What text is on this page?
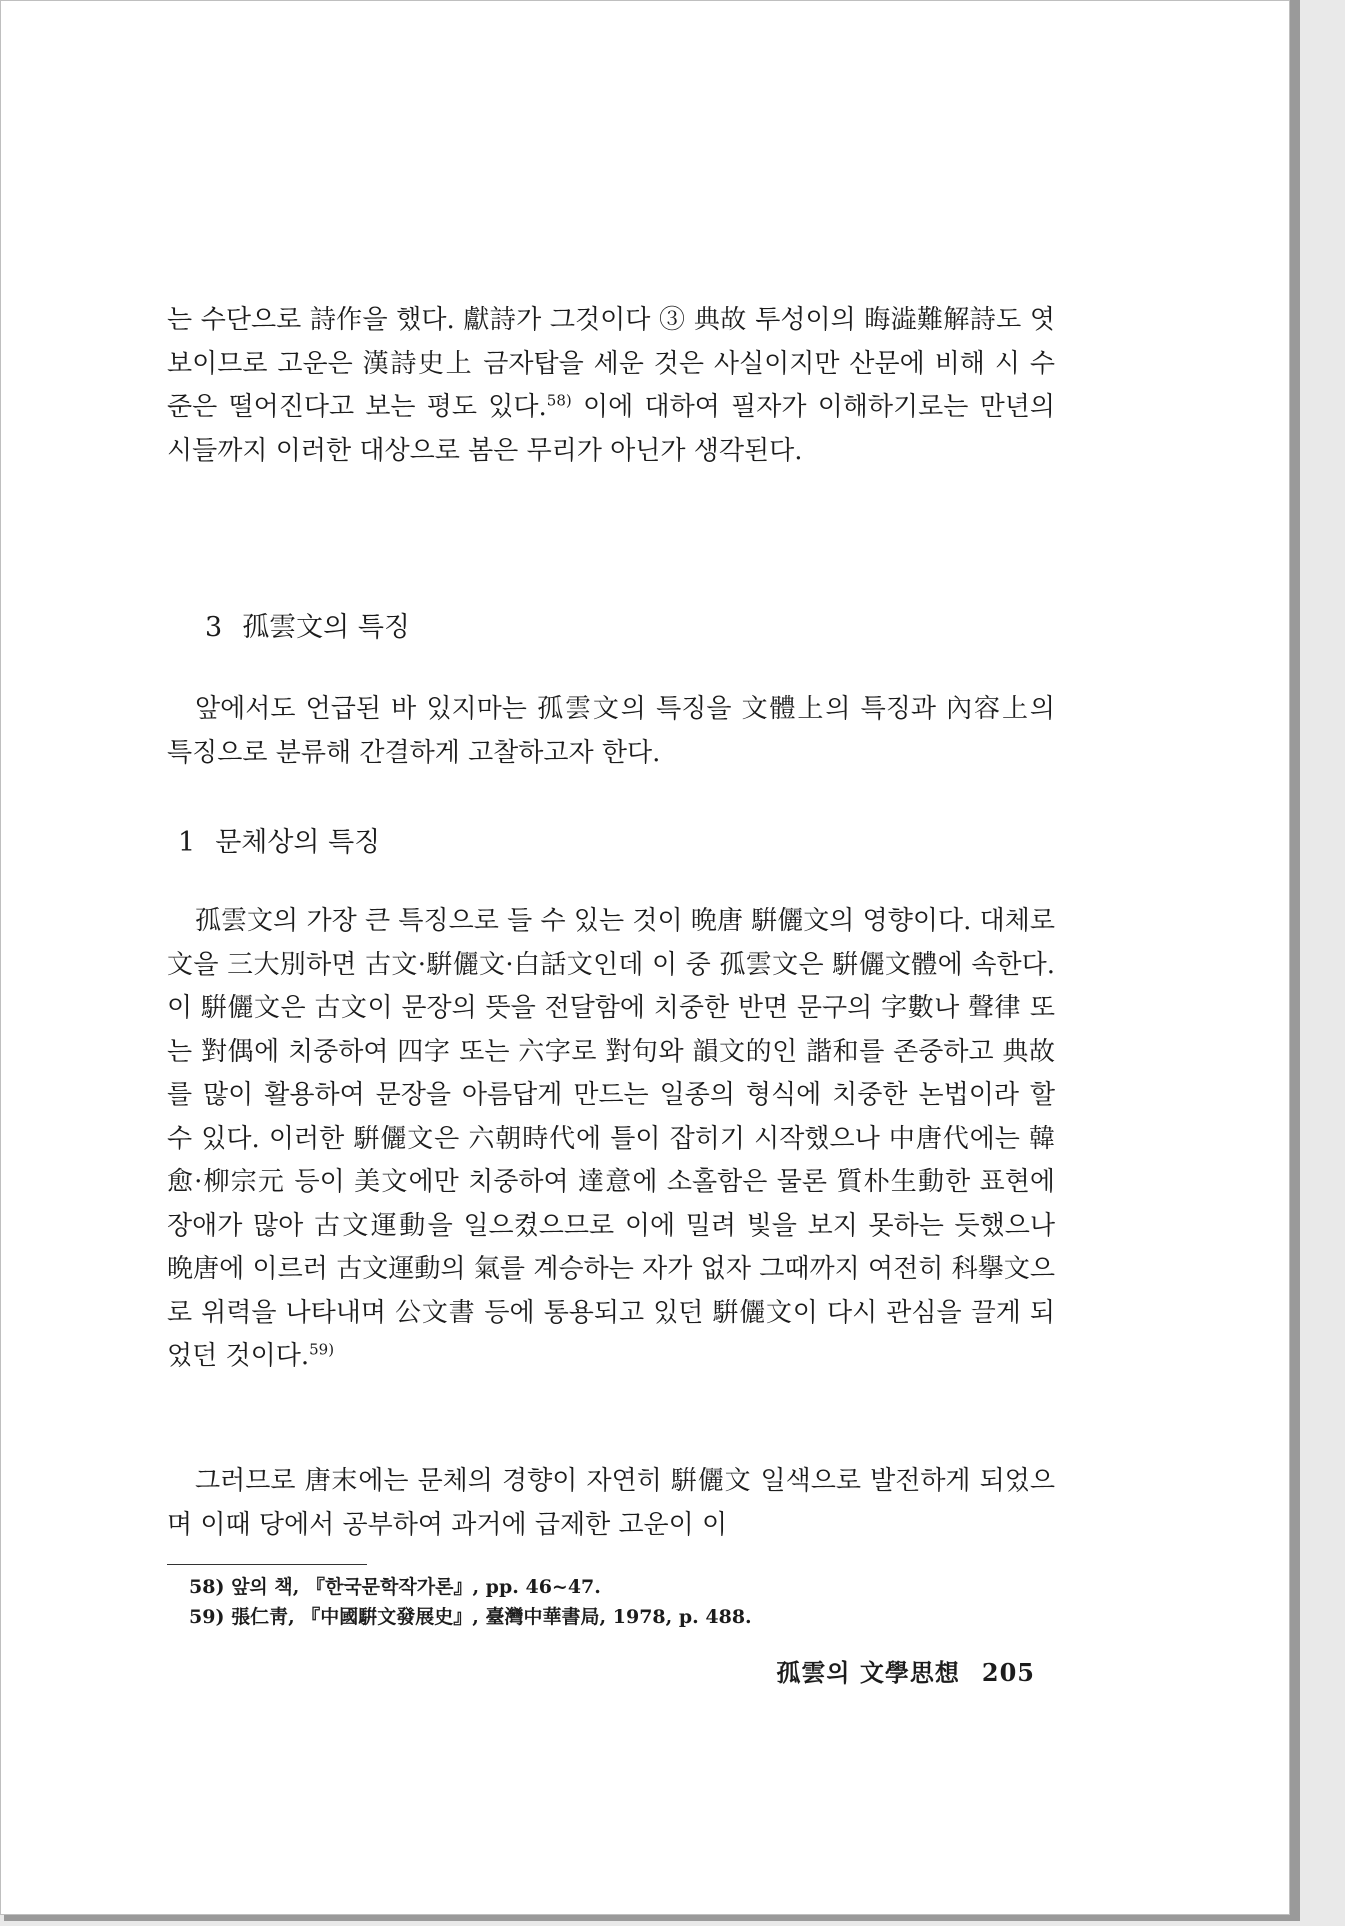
는 수단으로 詩作을 했다. 獻詩가 그것이다 ③ 典故 투성이의 晦澁難解詩도 엿보이므로 고운은 漢詩史上 금자탑을 세운 것은 사실이지만 산문에 비해 시 수준은 떨어진다고 보는 평도 있다.$^{58)}$ 이에 대하여 필자가 이해하기로는 만년의 시들까지 이러한 대상으로 봄은 무리가 아닌가 생각된다.

3 孤雲文의 특징

앞에서도 언급된 바 있지마는 孤雲文의 특징을 文體上의 특징과 內容上의 특징으로 분류해 간결하게 고찰하고자 한다.

1 문체상의 특징

孤雲文의 가장 큰 특징으로 들 수 있는 것이 晩唐 騈儷文의 영향이다. 대체로 文을 三大別하면 古文·騈儷文·白話文인데 이 중 孤雲文은 騈儷文體에 속한다. 이 騈儷文은 古文이 문장의 뜻을 전달함에 치중한 반면 문구의 字數나 聲律 또는 對偶에 치중하여 四字 또는 六字로 對句와 韻文的인 諧和를 존중하고 典故를 많이 활용하여 문장을 아름답게 만드는 일종의 형식에 치중한 논법이라 할 수 있다. 이러한 騈儷文은 六朝時代에 틀이 잡히기 시작했으나 中唐代에는 韓愈·柳宗元 등이 美文에만 치중하여 達意에 소홀함은 물론 質朴生動한 표현에 장애가 많아 古文運動을 일으켰으므로 이에 밀려 빛을 보지 못하는 듯했으나 晩唐에 이르러 古文運動의 氣를 계승하는 자가 없자 그때까지 여전히 科擧文으로 위력을 나타내며 公文書 등에 통용되고 있던 騈儷文이 다시 관심을 끌게 되었던 것이다.$^{59)}$

그러므로 唐末에는 문체의 경향이 자연히 騈儷文 일색으로 발전하게 되었으며 이때 당에서 공부하여 과거에 급제한 고운이 이

58) 앞의 책, 『한국문학작가론』, pp. 46~47.
59) 張仁靑, 『中國騈文發展史』, 臺灣中華書局, 1978, p. 488.
孤雲의 文學思想 205
